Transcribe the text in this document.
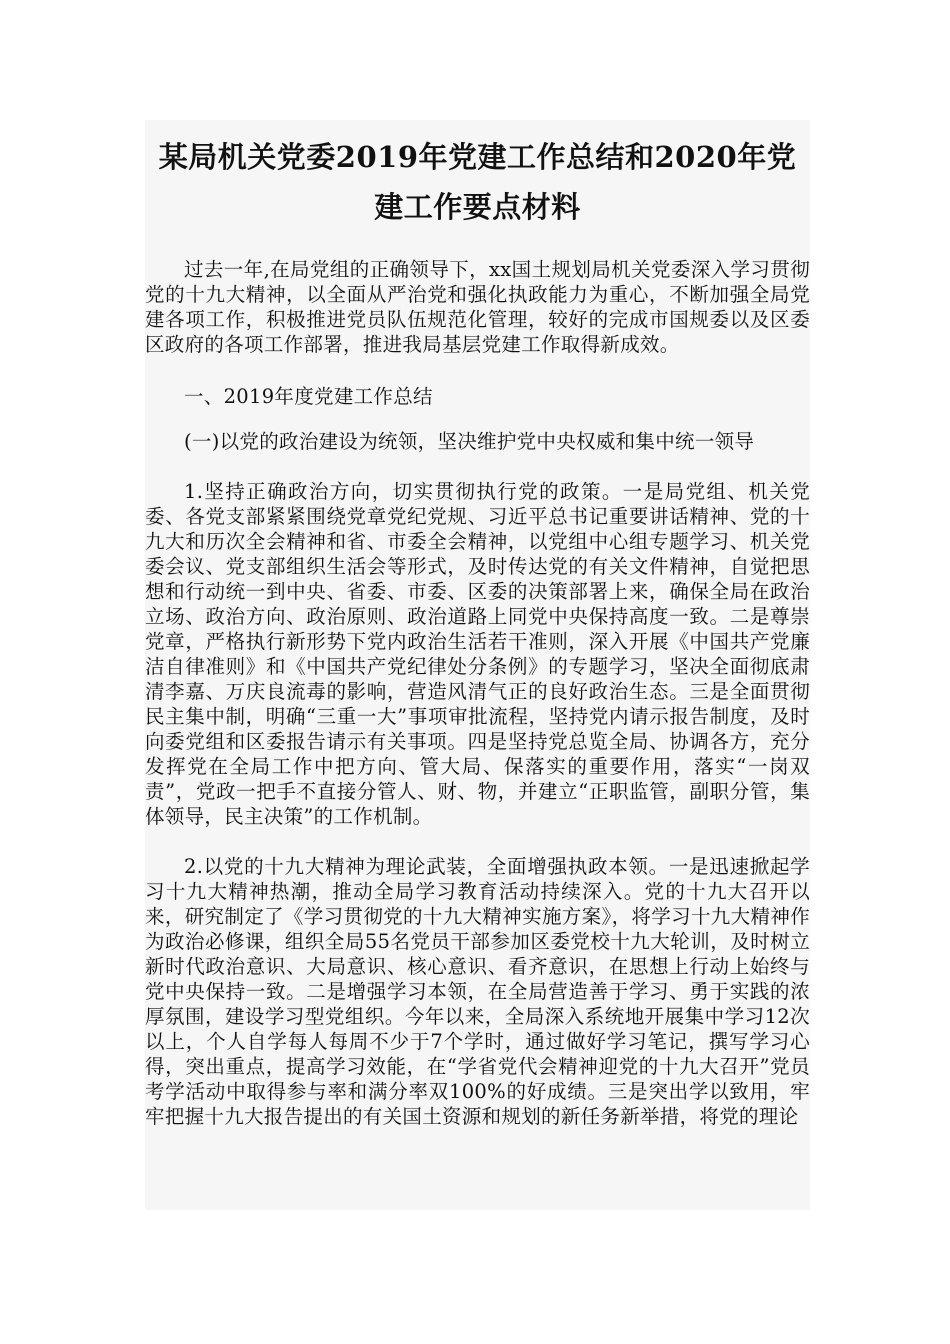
某局机关党委2019年党建工作总结和2020年党建工作要点材料

过去一年,在局党组的正确领导下，xx国土规划局机关党委深入学习贯彻党的十九大精神，以全面从严治党和强化执政能力为重心，不断加强全局党建各项工作，积极推进党员队伍规范化管理，较好的完成市国规委以及区委区政府的各项工作部署，推进我局基层党建工作取得新成效。

一、2019年度党建工作总结

(一)以党的政治建设为统领，坚决维护党中央权威和集中统一领导

1.坚持正确政治方向，切实贯彻执行党的政策。一是局党组、机关党委、各党支部紧紧围绕党章党纪党规、习近平总书记重要讲话精神、党的十九大和历次全会精神和省、市委全会精神，以党组中心组专题学习、机关党委会议、党支部组织生活会等形式，及时传达党的有关文件精神，自觉把思想和行动统一到中央、省委、市委、区委的决策部署上来，确保全局在政治立场、政治方向、政治原则、政治道路上同党中央保持高度一致。二是尊崇党章，严格执行新形势下党内政治生活若干准则，深入开展《中国共产党廉洁自律准则》和《中国共产党纪律处分条例》的专题学习，坚决全面彻底肃清李嘉、万庆良流毒的影响，营造风清气正的良好政治生态。三是全面贯彻民主集中制，明确“三重一大”事项审批流程，坚持党内请示报告制度，及时向委党组和区委报告请示有关事项。四是坚持党总览全局、协调各方，充分发挥党在全局工作中把方向、管大局、保落实的重要作用，落实“一岗双责”，党政一把手不直接分管人、财、物，并建立“正职监管，副职分管，集体领导，民主决策”的工作机制。

2.以党的十九大精神为理论武装，全面增强执政本领。一是迅速掀起学习十九大精神热潮，推动全局学习教育活动持续深入。党的十九大召开以来，研究制定了《学习贯彻党的十九大精神实施方案》，将学习十九大精神作为政治必修课，组织全局55名党员干部参加区委党校十九大轮训，及时树立新时代政治意识、大局意识、核心意识、看齐意识，在思想上行动上始终与党中央保持一致。二是增强学习本领，在全局营造善于学习、勇于实践的浓厚氛围，建设学习型党组织。今年以来，全局深入系统地开展集中学习12次以上，个人自学每人每周不少于7个学时，通过做好学习笔记，撰写学习心得，突出重点，提高学习效能，在“学省党代会精神迎党的十九大召开”党员考学活动中取得参与率和满分率双100%的好成绩。三是突出学以致用，牢牢把握十九大报告提出的有关国土资源和规划的新任务新举措，将党的理论
